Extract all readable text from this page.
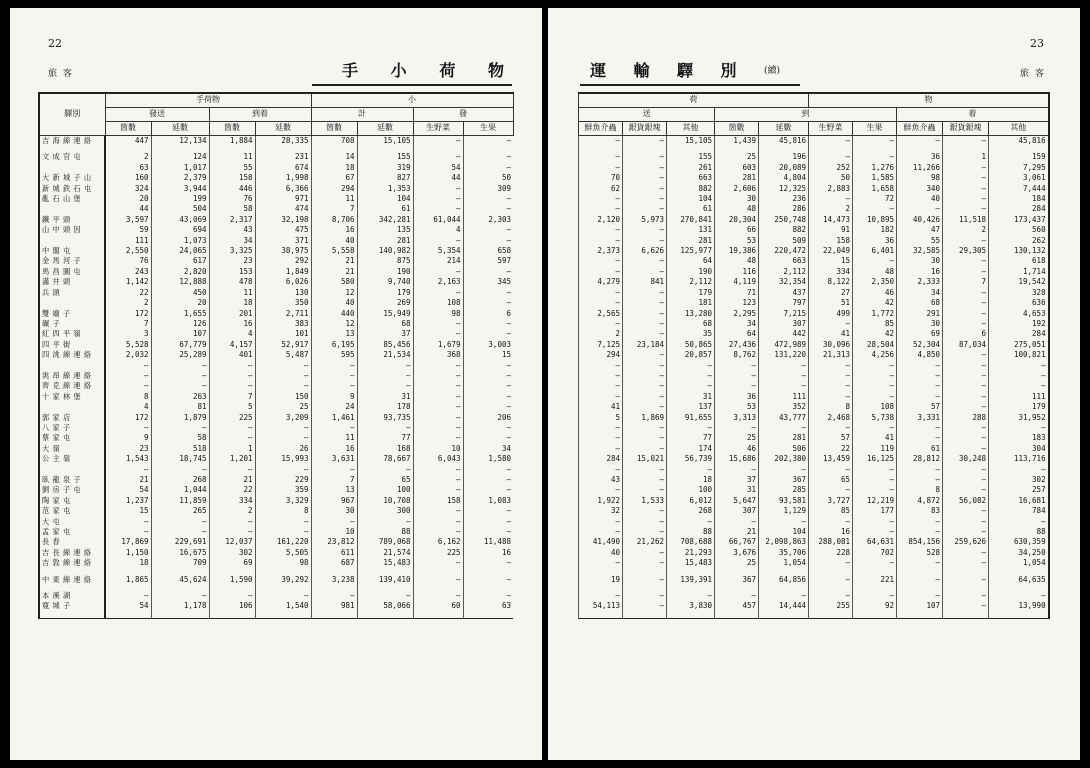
22
旅客	手 小 荷 物
驛別	手荷物				小			
	發送		到着		計		發	
	箇數	延數	箇數	延數	箇數	延數	生野菜	生果
吉 海 線 連 絡	447	12,134	1,884	28,335	708	15,105	—	—

文 成 官 屯	2	124	11	231	14	155	—	—
	63	1,017	55	674	18	319	54	—
大 新 城 子 山	160	2,379	158	1,998	67	827	44	50
新 城 鉄 石 屯	324	3,944	446	6,366	294	1,353	—	309
亂 石 山 堡	20	199	76	971	11	104	—	—
	44	504	58	474	7	61	—	—
鐵 平 頭	3,597	43,069	2,317	32,198	8,706	342,281	61,044	2,303
山 中 頭 因	59	694	43	475	16	135	4	—
	111	1,073	34	371	40	281	—	—
中 閣 屯	2,550	24,065	3,325	38,975	5,558	140,982	5,354	658
金 馬 河 子	76	617	23	292	21	875	214	597
馬 昌 圖 屯	243	2,820	153	1,849	21	190	—	—
滿 井 頭	1,142	12,888	478	6,026	580	9,740	2,163	345
兵 頭	22	450	11	130	12	179	—	—
	2	20	18	350	40	269	108	—
雙 廟 子	172	1,655	201	2,711	440	15,949	98	6
碾 子	7	126	16	383	12	68	—	—
紅 四 平 嶺	3	107	4	101	13	37	—	—
四 平 街	5,528	67,779	4,157	52,917	6,195	85,456	1,679	3,003
四 洮 線 連 絡	2,032	25,289	401	5,487	595	21,534	368	15
	—	—	—	—	—	—	—	—
洮 昂 線 連 絡	—	—	—	—	—	—	—	—
齊 克 線 連 絡	—	—	—	—	—	—	—	—
十 家 林 堡	8	263	7	150	9	31	—	—
	4	81	5	25	24	178	—	—
郭 家 店	172	1,879	225	3,209	1,461	93,735	—	206
八 家 子	—	—	—	—	—	—	—	—
蔡 家 屯	9	58	—	—	11	77	—	—
大 嶺	23	518	1	26	16	168	10	34
公 主 嶺	1,543	18,745	1,201	15,993	3,631	78,667	6,043	1,580
	—	—	—	—	—	—	—	—
臥 龍 泉 子	21	268	21	229	7	65	—	—
劉 房 子 屯	54	1,044	22	359	13	100	—	—
陶 家 屯	1,237	11,859	334	3,329	967	10,708	158	1,083
范 家 屯	15	265	2	8	30	300	—	—
大 屯	—	—	—	—	—	—	—	—
孟 家 屯	—	—	—	—	10	88	—	—
長 春	17,869	229,691	12,037	161,220	23,812	789,068	6,162	11,488
吉 長 線 連 絡	1,150	16,675	302	5,505	611	21,574	225	16
吉 敦 線 連 絡	18	709	69	98	687	15,483	—	—

中 東 線 連 絡	1,865	45,624	1,590	39,292	3,238	139,410	—	—

本 溪 湖	—	—	—	—	—	—	—	—
寛 城 子	54	1,178	106	1,540	981	58,066	60	63

23
旅客
運 輸 驛 別	(續)
荷					物				
送			到				着		
鮮魚介蟲	銀貨銀塊	其他	箇數	延數	生野菜	生果	鮮魚介蟲	銀貨銀塊	其他
—	—	15,105	1,439	45,816	—	—	—	—	45,816

—	—	155	25	196	—	—	36	1	159
—	—	261	603	20,089	252	1,276	11,266	—	7,295
70	—	663	281	4,804	50	1,585	98	—	3,061
62	—	882	2,606	12,325	2,883	1,658	340	—	7,444
—	—	104	30	236	—	72	40	—	184
—	—	61	48	286	2	—	—	—	284
2,120	5,973	270,841	20,304	250,748	14,473	10,895	40,426	11,518	173,437
—	—	131	66	882	91	182	47	2	560
—	—	281	53	509	158	36	55	—	262
2,373	6,626	125,977	19,386	220,472	22,049	6,401	32,585	29,305	130,132
—	—	64	48	663	15	—	30	—	618
—	—	190	116	2,112	334	48	16	—	1,714
4,279	841	2,112	4,119	32,354	8,122	2,350	2,333	7	19,542
—	—	179	71	437	27	46	34	—	328
—	—	181	123	797	51	42	68	—	636
2,565	—	13,280	2,295	7,215	499	1,772	291	—	4,653
—	—	68	34	307	—	85	30	—	192
2	—	35	64	442	41	42	69	6	284
7,125	23,184	50,865	27,436	472,989	30,096	28,504	52,304	87,034	275,051
294	—	20,857	8,762	131,220	21,313	4,256	4,850	—	100,821
—	—	—	—	—	—	—	—	—	—
—	—	—	—	—	—	—	—	—	—
—	—	—	—	—	—	—	—	—	—
—	—	31	36	111	—	—	—	—	111
41	—	137	53	352	8	108	57	—	179
5	1,869	91,655	3,313	43,777	2,468	5,738	3,331	288	31,952
—	—	—	—	—	—	—	—	—	—
—	—	77	25	281	57	41	—	—	183
—	—	174	46	506	22	119	61	—	304
284	15,021	56,739	15,686	202,380	13,459	16,125	28,812	30,248	113,716
—	—	—	—	—	—	—	—	—	—
43	—	18	37	367	65	—	—	—	302
—	—	100	31	285	—	—	8	—	257
1,922	1,533	6,012	5,647	93,581	3,727	12,219	4,872	56,082	16,681
32	—	268	307	1,129	85	177	83	—	784
—	—	—	—	—	—	—	—	—	—
—	—	88	21	104	16	—	—	—	88
41,490	21,262	708,688	66,767	2,098,863	288,081	64,631	854,156	259,626	630,359
40	—	21,293	3,676	35,706	228	702	528	—	34,250
—	—	15,483	25	1,054	—	—	—	—	1,054

19	—	139,391	367	64,856	—	221	—	—	64,635

—	—	—	—	—	—	—	—	—	—
54,113	—	3,830	457	14,444	255	92	107	—	13,990
